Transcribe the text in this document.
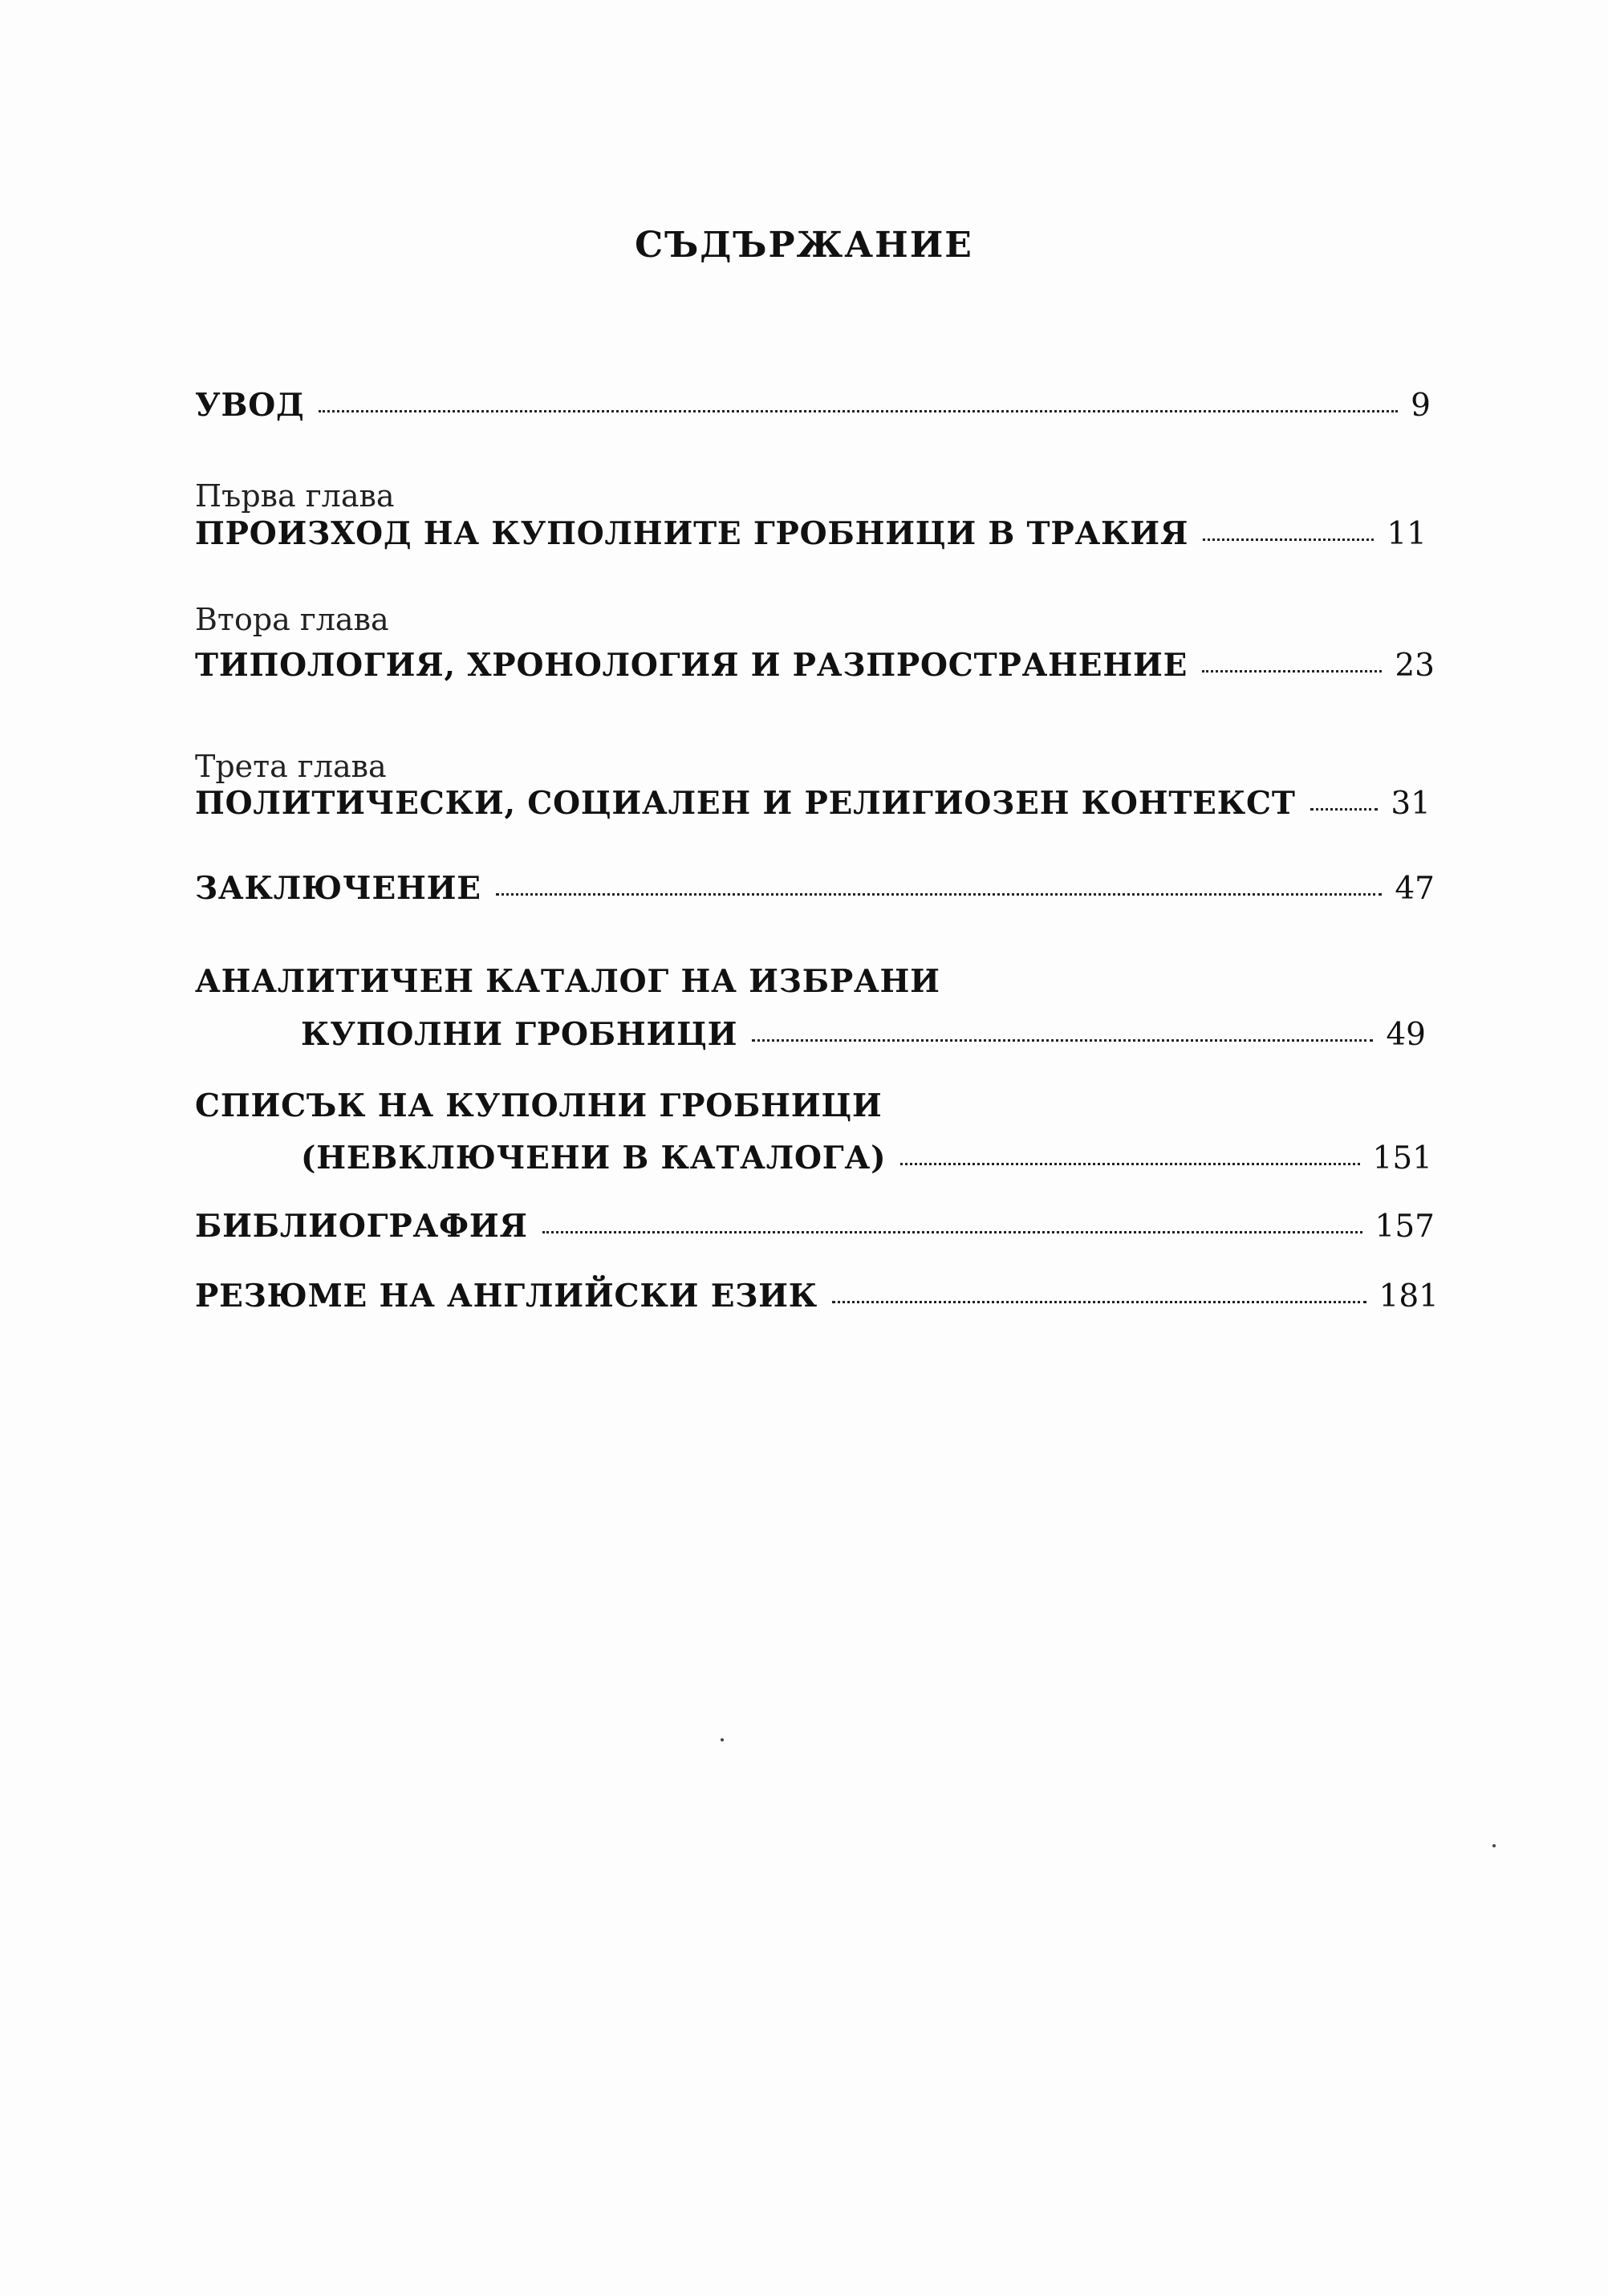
СЪДЪРЖАНИЕ
УВОД	9
Първа глава
ПРОИЗХОД НА КУПОЛНИТЕ ГРОБНИЦИ В ТРАКИЯ	11
Втора глава
ТИПОЛОГИЯ, ХРОНОЛОГИЯ И РАЗПРОСТРАНЕНИЕ	23
Трета глава
ПОЛИТИЧЕСКИ, СОЦИАЛЕН И РЕЛИГИОЗЕН КОНТЕКСТ	31
ЗАКЛЮЧЕНИЕ	47
АНАЛИТИЧЕН КАТАЛОГ НА ИЗБРАНИ
КУПОЛНИ ГРОБНИЦИ	49
СПИСЪК НА КУПОЛНИ ГРОБНИЦИ
(НЕВКЛЮЧЕНИ В КАТАЛОГА)	151
БИБЛИОГРАФИЯ	157
РЕЗЮМЕ НА АНГЛИЙСКИ ЕЗИК	181
